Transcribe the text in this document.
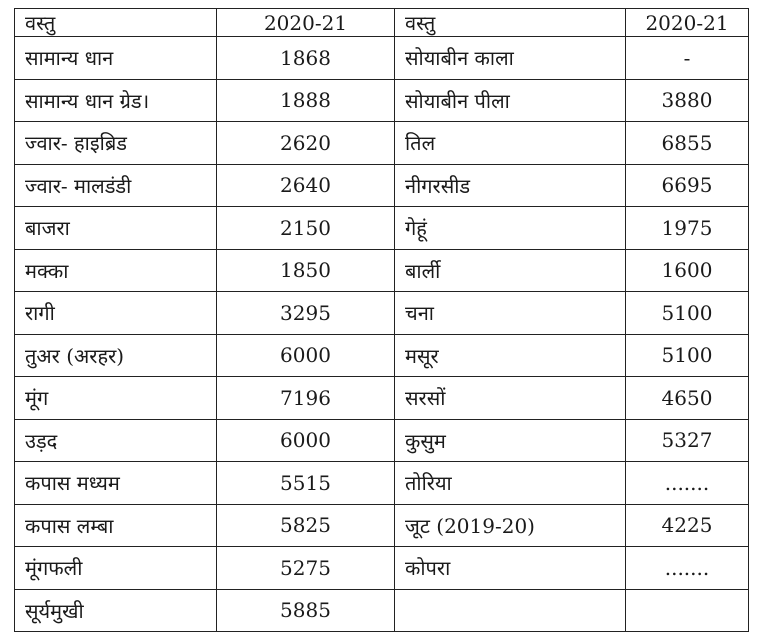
वस्तु	2020-21	वस्तु	2020-21
सामान्य धान	1868	सोयाबीन काला	-
सामान्य धान ग्रेड।	1888	सोयाबीन पीला	3880
ज्वार- हाइब्रिड	2620	तिल	6855
ज्वार- मालडंडी	2640	नीगरसीड	6695
बाजरा	2150	गेहूं	1975
मक्का	1850	बार्ली	1600
रागी	3295	चना	5100
तुअर (अरहर)	6000	मसूर	5100
मूंग	7196	सरसों	4650
उड़द	6000	कुसुम	5327
कपास मध्यम	5515	तोरिया	.......
कपास लम्बा	5825	जूट (2019-20)	4225
मूंगफली	5275	कोपरा	.......
सूर्यमुखी	5885		
